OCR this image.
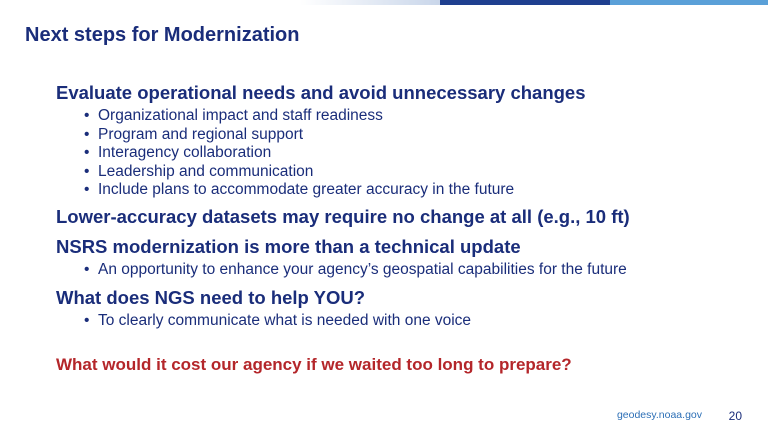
Next steps for Modernization
Evaluate operational needs and avoid unnecessary changes
• Organizational impact and staff readiness
• Program and regional support
• Interagency collaboration
• Leadership and communication
• Include plans to accommodate greater accuracy in the future
Lower-accuracy datasets may require no change at all (e.g., 10 ft)
NSRS modernization is more than a technical update
• An opportunity to enhance your agency’s geospatial capabilities for the future
What does NGS need to help YOU?
• To clearly communicate what is needed with one voice
What would it cost our agency if we waited too long to prepare?
geodesy.noaa.gov 20
